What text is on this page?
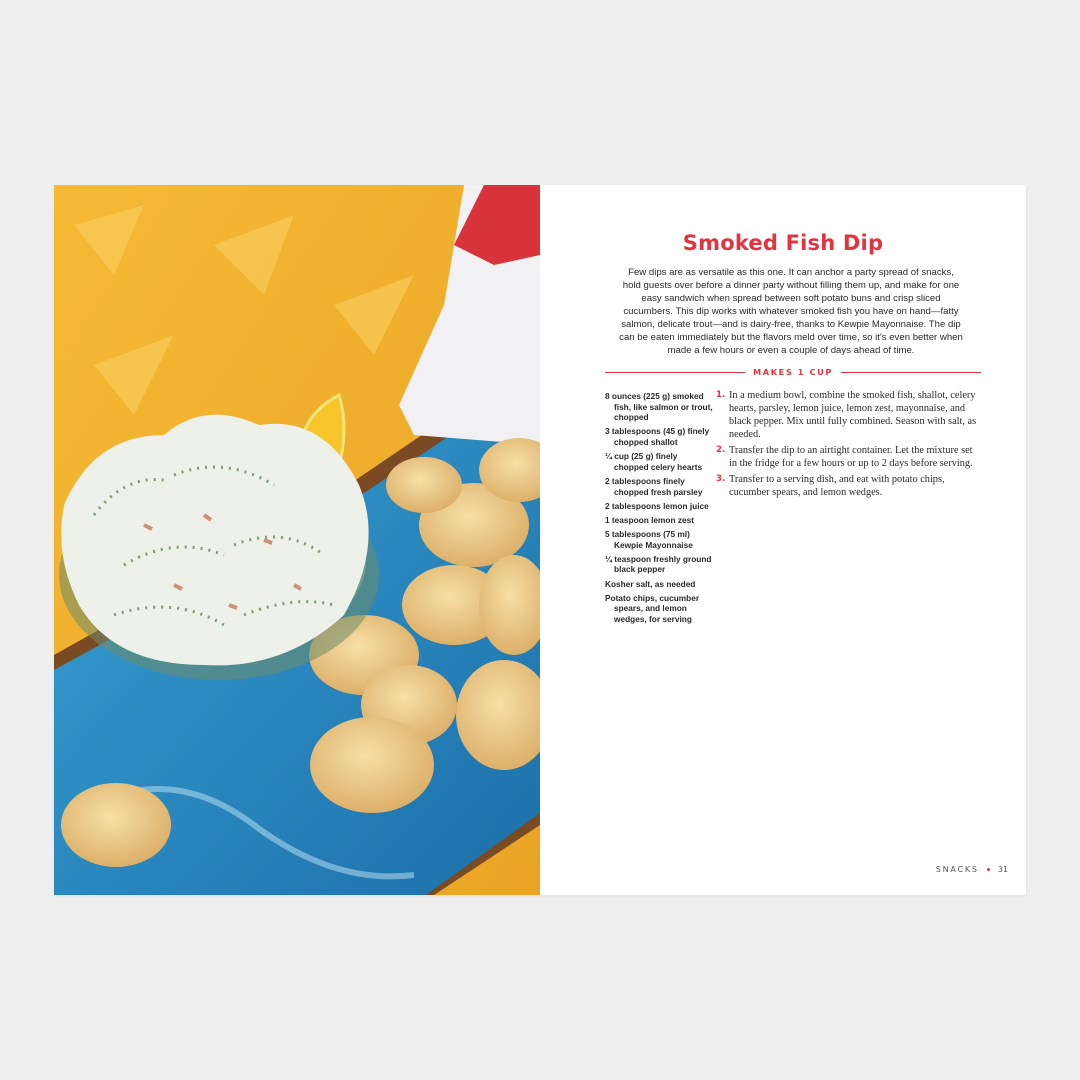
Smoked Fish Dip

Few dips are as versatile as this one. It can anchor a party spread of snacks, hold guests over before a dinner party without filling them up, and make for one easy sandwich when spread between soft potato buns and crisp sliced cucumbers. This dip works with whatever smoked fish you have on hand—fatty salmon, delicate trout—and is dairy-free, thanks to Kewpie Mayonnaise. The dip can be eaten immediately but the flavors meld over time, so it's even better when made a few hours or even a couple of days ahead of time.

MAKES 1 CUP
8 ounces (225 g) smoked fish, like salmon or trout, chopped
3 tablespoons (45 g) finely chopped shallot
¼ cup (25 g) finely chopped celery hearts
2 tablespoons finely chopped fresh parsley
2 tablespoons lemon juice
1 teaspoon lemon zest
5 tablespoons (75 ml) Kewpie Mayonnaise
¼ teaspoon freshly ground black pepper
Kosher salt, as needed
Potato chips, cucumber spears, and lemon wedges, for serving
1. In a medium bowl, combine the smoked fish, shallot, celery hearts, parsley, lemon juice, lemon zest, mayonnaise, and black pepper. Mix until fully combined. Season with salt, as needed.
2. Transfer the dip to an airtight container. Let the mixture set in the fridge for a few hours or up to 2 days before serving.
3. Transfer to a serving dish, and eat with potato chips, cucumber spears, and lemon wedges.
SNACKS 31
